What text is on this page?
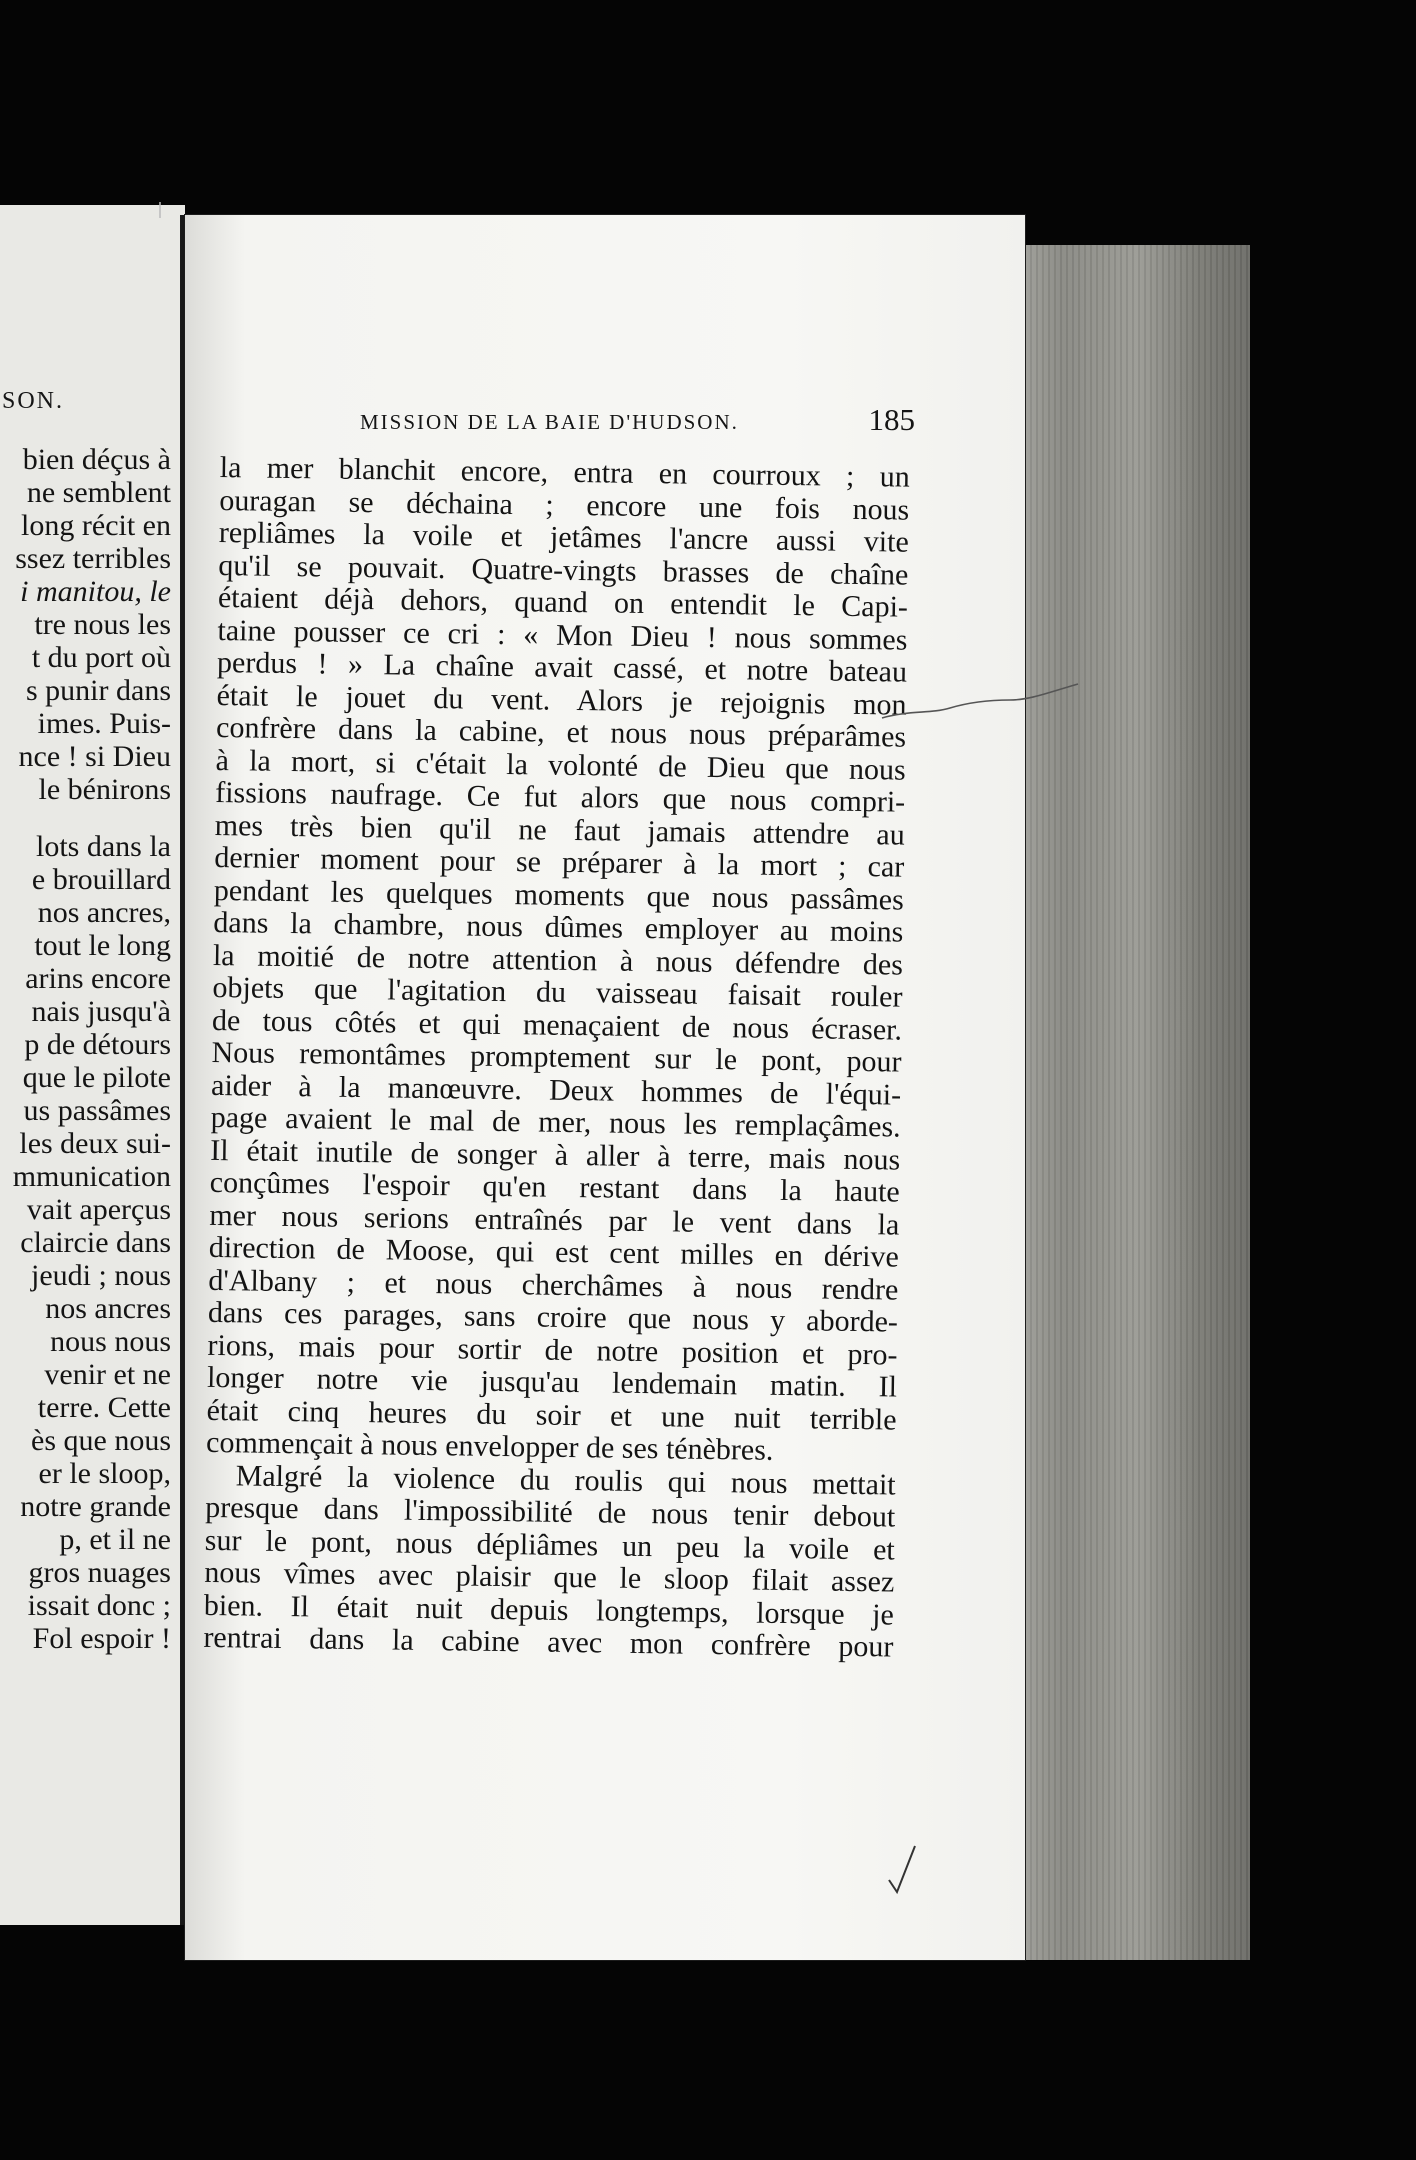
SON.
bien déçus à
ne semblent
long récit en
ssez terribles
i manitou, le
tre nous les
t du port où
s punir dans
imes. Puis-
nce ! si Dieu
le bénirons
lots dans la
e brouillard
nos ancres,
tout le long
arins encore
nais jusqu'à
p de détours
que le pilote
us passâmes
les deux sui-
mmunication
vait aperçus
claircie dans
jeudi ; nous
nos ancres
nous nous
venir et ne
terre. Cette
ès que nous
er le sloop,
notre grande
p, et il ne
gros nuages
issait donc ;
Fol espoir !
MISSION DE LA BAIE D'HUDSON.	185
la mer blanchit encore, entra en courroux ; un
ouragan se déchaina ; encore une fois nous
repliâmes la voile et jetâmes l'ancre aussi vite
qu'il se pouvait. Quatre-vingts brasses de chaîne
étaient déjà dehors, quand on entendit le Capi-
taine pousser ce cri : « Mon Dieu ! nous sommes
perdus ! » La chaîne avait cassé, et notre bateau
était le jouet du vent. Alors je rejoignis mon
confrère dans la cabine, et nous nous préparâmes
à la mort, si c'était la volonté de Dieu que nous
fissions naufrage. Ce fut alors que nous compri-
mes très bien qu'il ne faut jamais attendre au
dernier moment pour se préparer à la mort ; car
pendant les quelques moments que nous passâmes
dans la chambre, nous dûmes employer au moins
la moitié de notre attention à nous défendre des
objets que l'agitation du vaisseau faisait rouler
de tous côtés et qui menaçaient de nous écraser.
Nous remontâmes promptement sur le pont, pour
aider à la manœuvre. Deux hommes de l'équi-
page avaient le mal de mer, nous les remplaçâmes.
Il était inutile de songer à aller à terre, mais nous
conçûmes l'espoir qu'en restant dans la haute
mer nous serions entraînés par le vent dans la
direction de Moose, qui est cent milles en dérive
d'Albany ; et nous cherchâmes à nous rendre
dans ces parages, sans croire que nous y aborde-
rions, mais pour sortir de notre position et pro-
longer notre vie jusqu'au lendemain matin. Il
était cinq heures du soir et une nuit terrible
commençait à nous envelopper de ses ténèbres.
Malgré la violence du roulis qui nous mettait
presque dans l'impossibilité de nous tenir debout
sur le pont, nous dépliâmes un peu la voile et
nous vîmes avec plaisir que le sloop filait assez
bien. Il était nuit depuis longtemps, lorsque je
rentrai dans la cabine avec mon confrère pour
